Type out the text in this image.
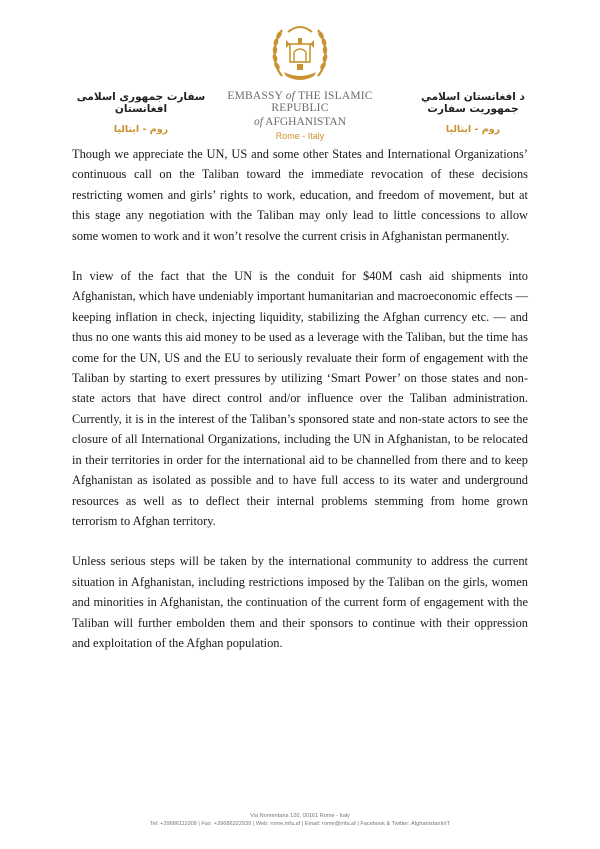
سفارت جمهوری اسلامی افغانستان
روم - ایتالیا
EMBASSY of THE ISLAMIC REPUBLIC
of AFGHANISTAN
Rome - Italy
د افغانستان اسلامي جمهوريت سفارت
روم - ایتالیا

Though we appreciate the UN, US and some other States and International Organizations’ continuous call on the Taliban toward the immediate revocation of these decisions restricting women and girls’ rights to work, education, and freedom of movement, but at this stage any negotiation with the Taliban may only lead to little concessions to allow some women to work and it won’t resolve the current crisis in Afghanistan permanently.

In view of the fact that the UN is the conduit for $40M cash aid shipments into Afghanistan, which have undeniably important humanitarian and macroeconomic effects — keeping inflation in check, injecting liquidity, stabilizing the Afghan currency etc. — and thus no one wants this aid money to be used as a leverage with the Taliban, but the time has come for the UN, US and the EU to seriously revaluate their form of engagement with the Taliban by starting to exert pressures by utilizing ‘Smart Power’ on those states and non-state actors that have direct control and/or influence over the Taliban administration. Currently, it is in the interest of the Taliban’s sponsored state and non-state actors to see the closure of all International Organizations, including the UN in Afghanistan, to be relocated in their territories in order for the international aid to be channelled from there and to keep Afghanistan as isolated as possible and to have full access to its water and underground resources as well as to deflect their internal problems stemming from home grown terrorism to Afghan territory.

Unless serious steps will be taken by the international community to address the current situation in Afghanistan, including restrictions imposed by the Taliban on the girls, women and minorities in Afghanistan, the continuation of the current form of engagement with the Taliban will further embolden them and their sponsors to continue with their oppression and exploitation of the Afghan population.

Via Nomentana 120, 00161 Rome - Italy
Tel: +39686111009 | Fax: +39686322939 | Web: rome.mfa.af | Email: rome@mfa.af | Facebook & Twitter: AfghanistanInIT
